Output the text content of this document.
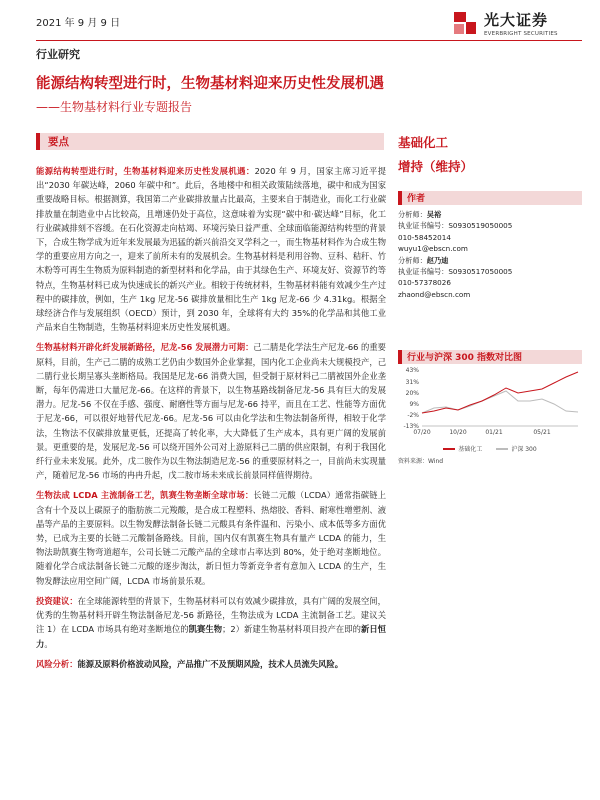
2021 年 9 月 9 日	光大证券
EVERBRIGHT SECURITIES
行业研究
能源结构转型进行时，生物基材料迎来历史性发展机遇
——生物基材料行业专题报告
要点

能源结构转型进行时，生物基材料迎来历史性发展机遇：2020 年 9 月，国家主席习近平提出“2030 年碳达峰，2060 年碳中和”。此后，各地楼中和相关政策陆续落地，碳中和成为国家重要战略目标。根据测算，我国第二产业碳排放量占比最高，主要来自于制造业，而化工行业碳排放量在制造业中占比较高，且增速仍处于高位，这意味着为实现“碳中和·碳达峰”目标，化工行业碳减排刻不容缓。在石化资源走向枯竭、环境污染日益严重、全球面临能源结构转型的背景下，合成生物学成为近年来发展最为迅猛的新兴前沿交叉学科之一，而生物基材料作为合成生物学的重要应用方向之一，迎来了前所未有的发展机会。生物基材料是利用谷物、豆科、秸秆、竹木粉等可再生生物质为原料制造的新型材料和化学品，由于其绿色生产、环境友好、资源节约等特点，生物基材料已成为快速成长的新兴产业。相较于传统材料，生物基材料能有效减少生产过程中的碳排放，例如，生产 1kg 尼龙-56 碳排放量相比生产 1kg 尼龙-66 少 4.31kg。根据全球经济合作与发展组织（OECD）预计，到 2030 年，全球将有大约 35%的化学品和其他工业产品来自生物制造，生物基材料迎来历史性发展机遇。

生物基材料开辟化纤发展新路径，尼龙-56 发展潜力可期：己二腈是化学法生产尼龙-66 的重要原料，目前，生产己二腈的成熟工艺仍由少数国外企业掌握，国内化工企业尚未大规模投产，己二腈行业长期呈寡头垄断格局。我国是尼龙-66 消费大国，但受制于原材料己二腈被国外企业垄断，每年仍需进口大量尼龙-66。在这样的背景下，以生物基路线制备尼龙-56 具有巨大的发展潜力。尼龙-56 不仅在手感、强度、耐磨性等方面与尼龙-66 持平，而且在工艺、性能等方面优于尼龙-66，可以很好地替代尼龙-66。尼龙-56 可以由化学法和生物法制备所得，相较于化学法，生物法不仅碳排放量更低，还提高了转化率，大大降低了生产成本，具有更广阔的发展前景。更重要的是，发展尼龙-56 可以绕开国外公司对上游原料己二腈的供应限制，有利于我国化纤行业未来发展。此外，戊二胺作为以生物法制造尼龙-56 的重要原材料之一，目前尚未实现量产，随着尼龙-56 市场的冉冉升起，戊二胺市场未来成长前景同样值得期待。

生物法成 LCDA 主流制备工艺，凯赛生物垄断全球市场：长链二元酸（LCDA）通常指碳链上含有十个及以上碳原子的脂肪族二元羧酸，是合成工程塑料、热熔胶、香料、耐寒性增塑剂、液晶等产品的主要原料。以生物发酵法制备长链二元酸具有条件温和、污染小、成本低等多方面优势，已成为主要的长链二元酸制备路线。目前，国内仅有凯赛生物具有量产 LCDA 的能力，生物法助凯赛生物弯道超车，公司长链二元酸产品的全球市占率达到 80%，处于绝对垄断地位。随着化学合成法制备长链二元酸的逐步淘汰，新日恒力等新竞争者有意加入 LCDA 的生产，生物发酵法应用空间广阔，LCDA 市场前景乐观。

投资建议：在全球能源转型的背景下，生物基材料可以有效减少碳排放，具有广阔的发展空间，优秀的生物基材料开辟生物法制备尼龙-56 新路径，生物法成为 LCDA 主流制备工艺。建议关注 1）在 LCDA 市场具有绝对垄断地位的凯赛生物；2）新建生物基材料项目投产在即的新日恒力。

风险分析：能源及原料价格波动风险，产品推广不及预期风险，技术人员流失风险。

基础化工
增持（维持）
作者
分析师：吴裕
执业证书编号：S0930519050005
010-58452014
wuyu1@ebscn.com
分析师：赵乃迪
执业证书编号：S0930517050005
010-57378026
zhaond@ebscn.com
行业与沪深 300 指数对比图
43%
31%
20%
9%
-2%
-13%
07/20	10/20	01/21	05/21
基础化工	沪深 300
资料来源：Wind
